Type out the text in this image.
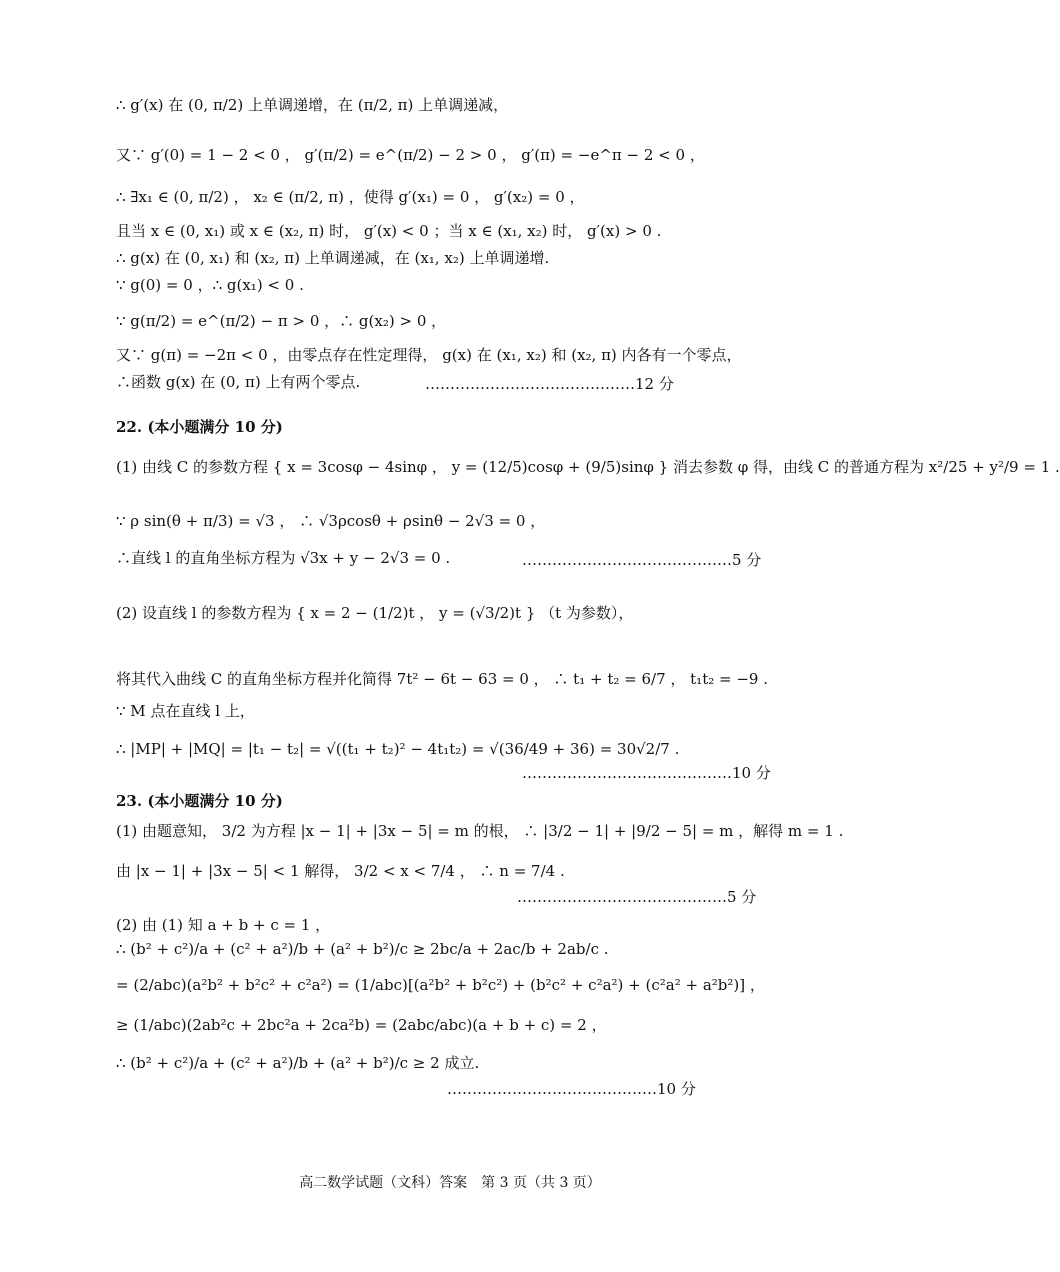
∴ g′(x) 在 (0, π/2) 上单调递增，在 (π/2, π) 上单调递减，
又∵ g′(0) = 1 − 2 < 0 ， g′(π/2) = e^(π/2) − 2 > 0 ， g′(π) = −e^π − 2 < 0 ，
∴ ∃x₁ ∈ (0, π/2) ， x₂ ∈ (π/2, π) ，使得 g′(x₁) = 0 ， g′(x₂) = 0 ，
且当 x ∈ (0, x₁) 或 x ∈ (x₂, π) 时， g′(x) < 0 ；当 x ∈ (x₁, x₂) 时， g′(x) > 0 .
∴ g(x) 在 (0, x₁) 和 (x₂, π) 上单调递减，在 (x₁, x₂) 上单调递增.
∵ g(0) = 0 ，∴ g(x₁) < 0 .
∵ g(π/2) = e^(π/2) − π > 0 ，∴ g(x₂) > 0 ，
又∵ g(π) = −2π < 0 ，由零点存在性定理得， g(x) 在 (x₁, x₂) 和 (x₂, π) 内各有一个零点，
∴函数 g(x) 在 (0, π) 上有两个零点.	……………………………………12 分
22. (本小题满分 10 分)
(1) 由线 C 的参数方程 { x = 3cosφ − 4sinφ ， y = (12/5)cosφ + (9/5)sinφ } 消去参数 φ 得，由线 C 的普通方程为 x²/25 + y²/9 = 1 .
∵ ρ sin(θ + π/3) = √3 ， ∴ √3ρcosθ + ρsinθ − 2√3 = 0 ，
∴直线 l 的直角坐标方程为 √3x + y − 2√3 = 0 .	……………………………………5 分
(2) 设直线 l 的参数方程为 { x = 2 − (1/2)t ， y = (√3/2)t } （t 为参数），
将其代入曲线 C 的直角坐标方程并化简得 7t² − 6t − 63 = 0 ， ∴ t₁ + t₂ = 6/7 ， t₁t₂ = −9 .
∵ M 点在直线 l 上，
∴ |MP| + |MQ| = |t₁ − t₂| = √((t₁ + t₂)² − 4t₁t₂) = √(36/49 + 36) = 30√2/7 .
……………………………………10 分
23. (本小题满分 10 分)
(1) 由题意知， 3/2 为方程 |x − 1| + |3x − 5| = m 的根， ∴ |3/2 − 1| + |9/2 − 5| = m ，解得 m = 1 .
由 |x − 1| + |3x − 5| < 1 解得， 3/2 < x < 7/4 ， ∴ n = 7/4 .
……………………………………5 分
(2) 由 (1) 知 a + b + c = 1 ，
∴ (b² + c²)/a + (c² + a²)/b + (a² + b²)/c ≥ 2bc/a + 2ac/b + 2ab/c .
= (2/abc)(a²b² + b²c² + c²a²) = (1/abc)[(a²b² + b²c²) + (b²c² + c²a²) + (c²a² + a²b²)] ，
≥ (1/abc)(2ab²c + 2bc²a + 2ca²b) = (2abc/abc)(a + b + c) = 2 ，
∴ (b² + c²)/a + (c² + a²)/b + (a² + b²)/c ≥ 2 成立.
……………………………………10 分
高二数学试题（文科）答案　第 3 页（共 3 页）
